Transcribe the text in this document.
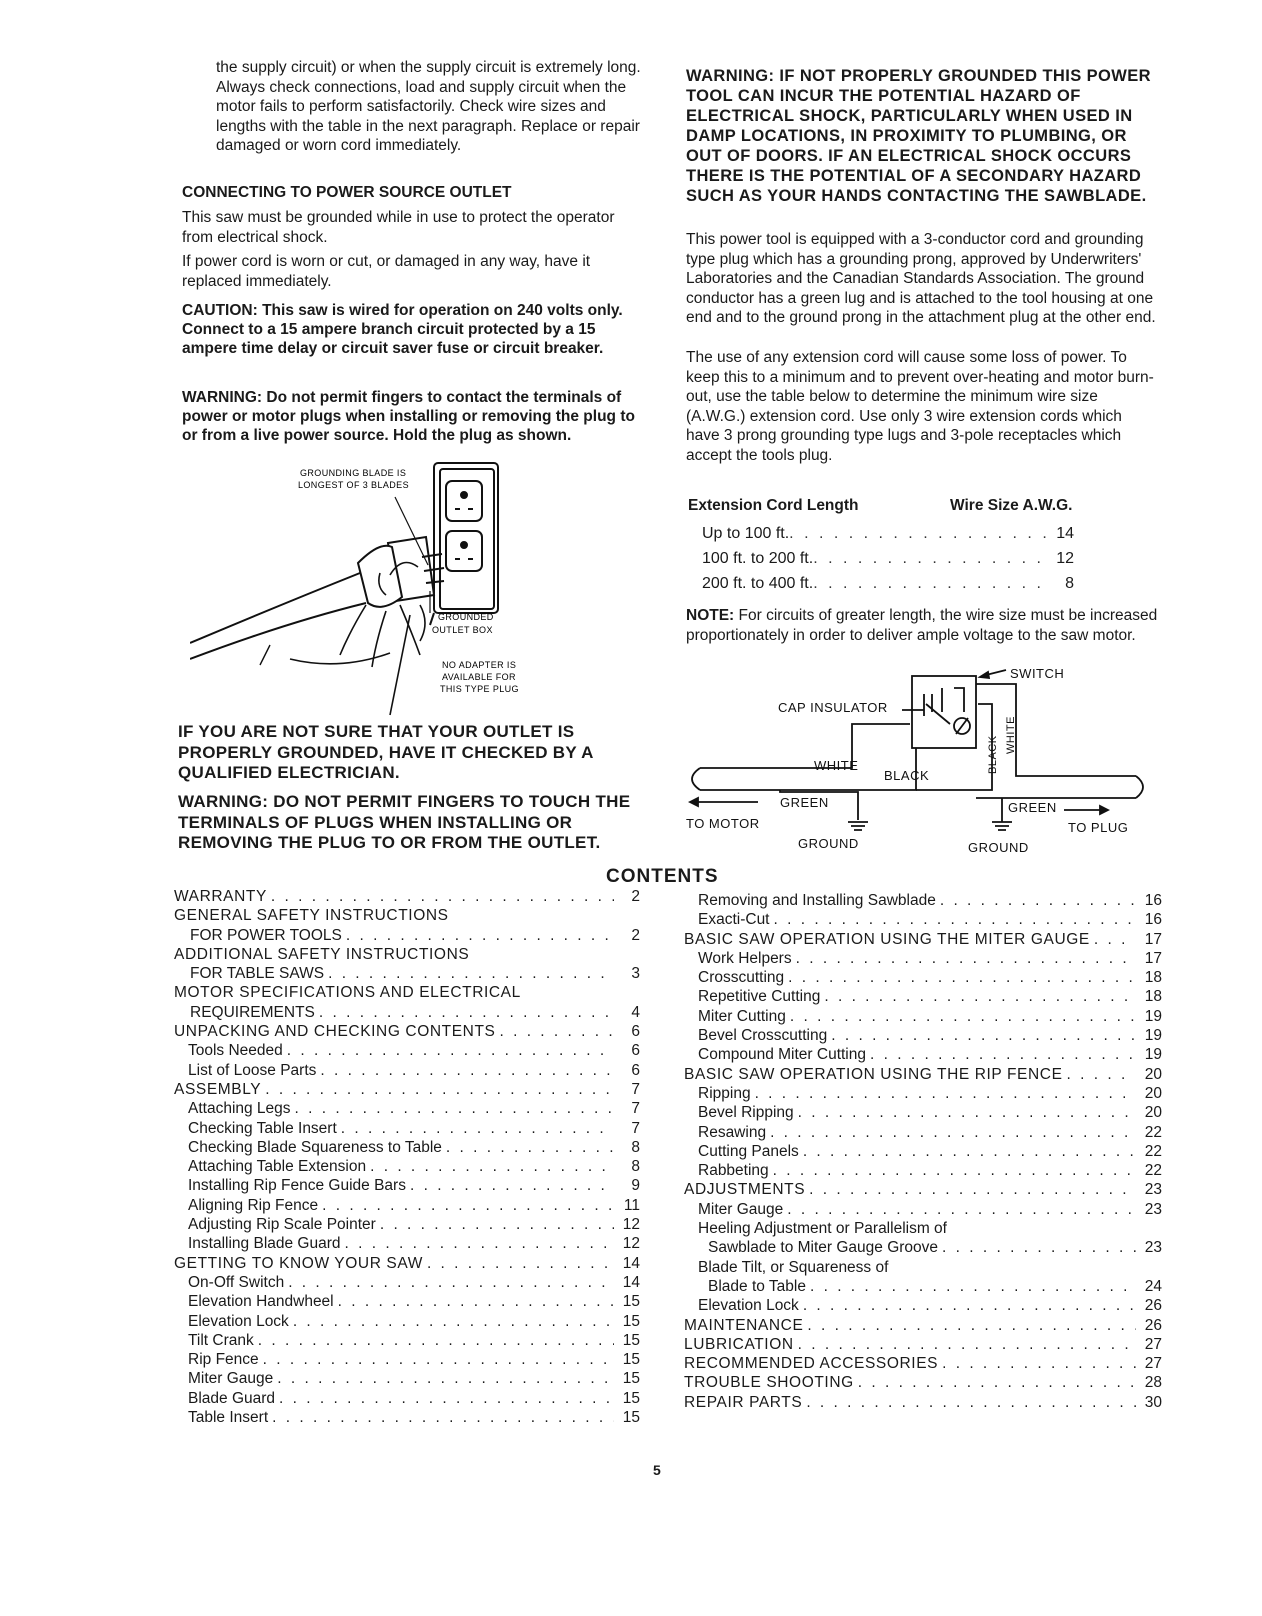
the supply circuit) or when the supply circuit is extremely long. Always check connections, load and supply circuit when the motor fails to perform satisfactorily. Check wire sizes and lengths with the table in the next paragraph. Replace or repair damaged or worn cord immediately.

CONNECTING TO POWER SOURCE OUTLET

This saw must be grounded while in use to protect the operator from electrical shock.

If power cord is worn or cut, or damaged in any way, have it replaced immediately.

CAUTION: This saw is wired for operation on 240 volts only. Connect to a 15 ampere branch circuit protected by a 15 ampere time delay or circuit saver fuse or circuit breaker.

WARNING: Do not permit fingers to contact the terminals of power or motor plugs when installing or removing the plug to or from a live power source. Hold the plug as shown.

GROUNDING BLADE IS
LONGEST OF 3 BLADES
GROUNDED
OUTLET BOX
NO ADAPTER IS
AVAILABLE FOR
THIS TYPE PLUG

IF YOU ARE NOT SURE THAT YOUR OUTLET IS PROPERLY GROUNDED, HAVE IT CHECKED BY A QUALIFIED ELECTRICIAN.

WARNING: DO NOT PERMIT FINGERS TO TOUCH THE TERMINALS OF PLUGS WHEN INSTALLING OR REMOVING THE PLUG TO OR FROM THE OUTLET.

WARNING: IF NOT PROPERLY GROUNDED THIS POWER TOOL CAN INCUR THE POTENTIAL HAZARD OF ELECTRICAL SHOCK, PARTICULARLY WHEN USED IN DAMP LOCATIONS, IN PROXIMITY TO PLUMBING, OR OUT OF DOORS. IF AN ELECTRICAL SHOCK OCCURS THERE IS THE POTENTIAL OF A SECONDARY HAZARD SUCH AS YOUR HANDS CONTACTING THE SAWBLADE.

This power tool is equipped with a 3-conductor cord and grounding type plug which has a grounding prong, approved by Underwriters' Laboratories and the Canadian Standards Association. The ground conductor has a green lug and is attached to the tool housing at one end and to the ground prong in the attachment plug at the other end.

The use of any extension cord will cause some loss of power. To keep this to a minimum and to prevent over-heating and motor burn-out, use the table below to determine the minimum wire size (A.W.G.) extension cord. Use only 3 wire extension cords which have 3 prong grounding type lugs and 3-pole receptacles which accept the tools plug.

Extension Cord Length	Wire Size A.W.G.
Up to 100 ft. . . .	14
100 ft. to 200 ft. . . .	12
200 ft. to 400 ft. . . .	8

NOTE: For circuits of greater length, the wire size must be increased proportionately in order to deliver ample voltage to the saw motor.

SWITCH
CAP INSULATOR
WHITE
BLACK
BLACK
WHITE
GREEN	GREEN
TO MOTOR	TO PLUG
GROUND	GROUND
CONTENTS
WARRANTY . . .	2
GENERAL SAFETY INSTRUCTIONS
FOR POWER TOOLS . . .	2
ADDITIONAL SAFETY INSTRUCTIONS
FOR TABLE SAWS . . .	3
MOTOR SPECIFICATIONS AND ELECTRICAL
REQUIREMENTS . . .	4
UNPACKING AND CHECKING CONTENTS . . .	6
Tools Needed . . .	6
List of Loose Parts . . .	6
ASSEMBLY . . .	7
Attaching Legs . . .	7
Checking Table Insert . . .	7
Checking Blade Squareness to Table . . .	8
Attaching Table Extension . . .	8
Installing Rip Fence Guide Bars . . .	9
Aligning Rip Fence . . .	11
Adjusting Rip Scale Pointer . . .	12
Installing Blade Guard . . .	12
GETTING TO KNOW YOUR SAW . . .	14
On-Off Switch . . .	14
Elevation Handwheel . . .	15
Elevation Lock . . .	15
Tilt Crank . . .	15
Rip Fence . . .	15
Miter Gauge . . .	15
Blade Guard . . .	15
Table Insert . . .	15
Removing and Installing Sawblade . . .	16
Exacti-Cut . . .	16
BASIC SAW OPERATION USING THE MITER GAUGE . . .	17
Work Helpers . . .	17
Crosscutting . . .	18
Repetitive Cutting . . .	18
Miter Cutting . . .	19
Bevel Crosscutting . . .	19
Compound Miter Cutting . . .	19
BASIC SAW OPERATION USING THE RIP FENCE . . .	20
Ripping . . .	20
Bevel Ripping . . .	20
Resawing . . .	22
Cutting Panels . . .	22
Rabbeting . . .	22
ADJUSTMENTS . . .	23
Miter Gauge . . .	23
Heeling Adjustment or Parallelism of
Sawblade to Miter Gauge Groove . . .	23
Blade Tilt, or Squareness of
Blade to Table . . .	24
Elevation Lock . . .	26
MAINTENANCE . . .	26
LUBRICATION . . .	27
RECOMMENDED ACCESSORIES . . .	27
TROUBLE SHOOTING . . .	28
REPAIR PARTS . . .	30
5
